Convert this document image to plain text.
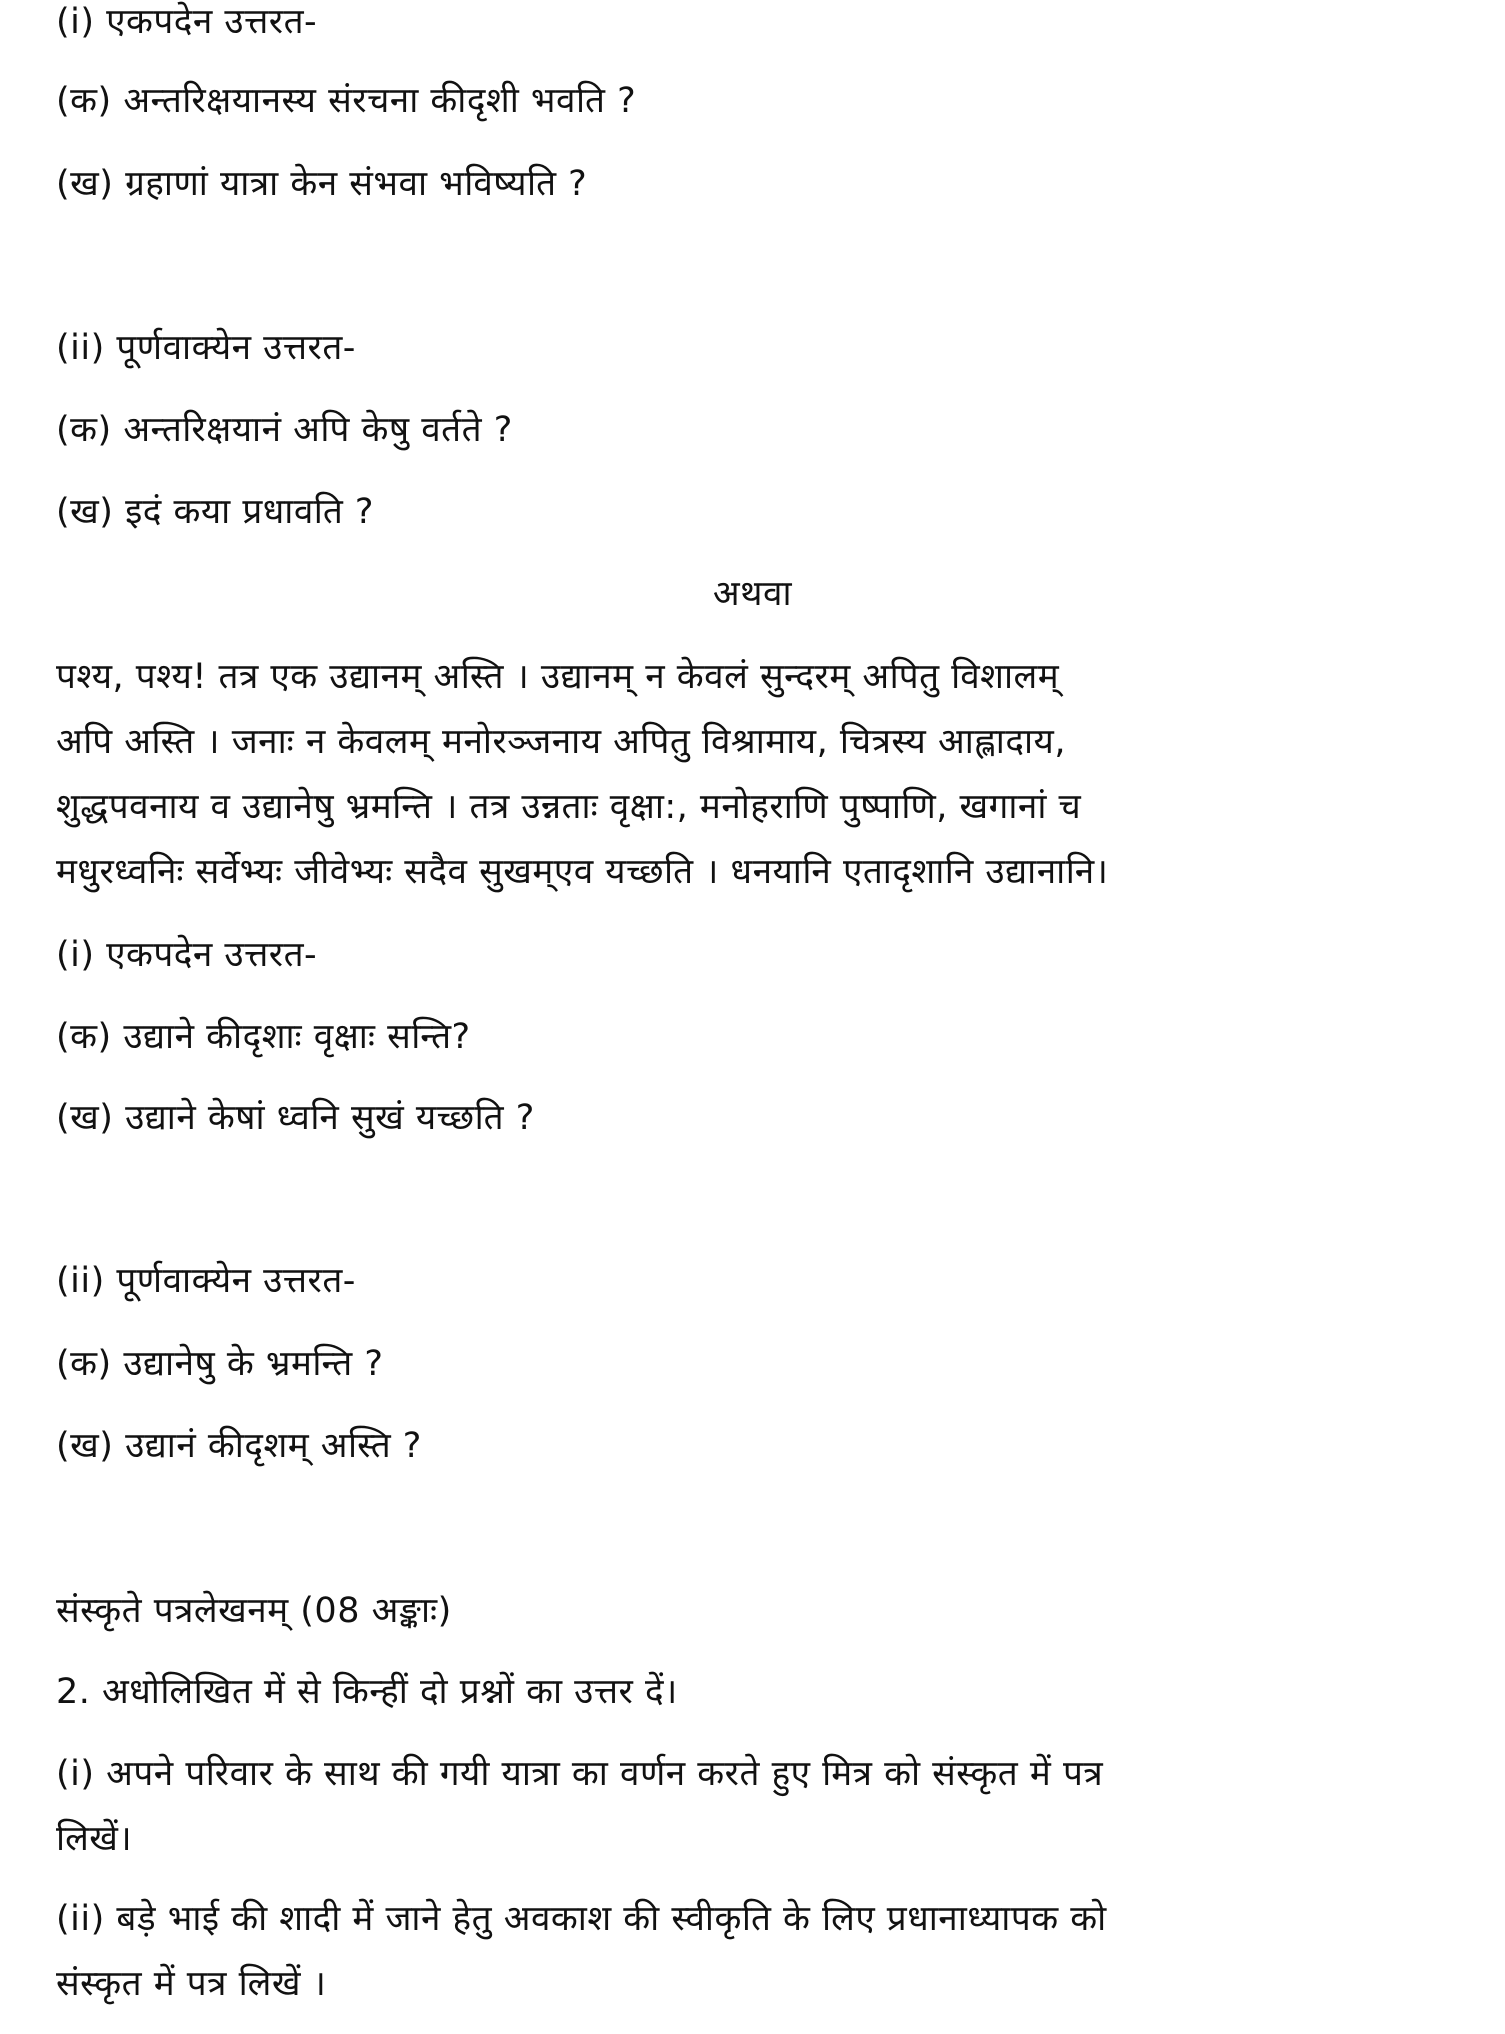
(i) एकपदेन उत्तरत-
(क) अन्तरिक्षयानस्य संरचना कीदृशी भवति ?
(ख) ग्रहाणां यात्रा केन संभवा भविष्यति ?
(ii) पूर्णवाक्येन उत्तरत-
(क) अन्तरिक्षयानं अपि केषु वर्तते ?
(ख) इदं कया प्रधावति ?
अथवा
पश्य, पश्य! तत्र एक उद्यानम् अस्ति । उद्यानम् न केवलं सुन्दरम् अपितु विशालम्
अपि अस्ति । जनाः न केवलम् मनोरञ्जनाय अपितु विश्रामाय, चित्रस्य आह्लादाय,
शुद्धपवनाय व उद्यानेषु भ्रमन्ति । तत्र उन्नताः वृक्षा:, मनोहराणि पुष्पाणि, खगानां च
मधुरध्वनिः सर्वेभ्यः जीवेभ्यः सदैव सुखम्एव यच्छति । धनयानि एतादृशानि उद्यानानि।
(i) एकपदेन उत्तरत-
(क) उद्याने कीदृशाः वृक्षाः सन्ति?
(ख) उद्याने केषां ध्वनि सुखं यच्छति ?
(ii) पूर्णवाक्येन उत्तरत-
(क) उद्यानेषु के भ्रमन्ति ?
(ख) उद्यानं कीदृशम् अस्ति ?
संस्कृते पत्रलेखनम् (08 अङ्काः)
2. अधोलिखित में से किन्हीं दो प्रश्नों का उत्तर दें।
(i) अपने परिवार के साथ की गयी यात्रा का वर्णन करते हुए मित्र को संस्कृत में पत्र
लिखें।
(ii) बड़े भाई की शादी में जाने हेतु अवकाश की स्वीकृति के लिए प्रधानाध्यापक को
संस्कृत में पत्र लिखें ।
